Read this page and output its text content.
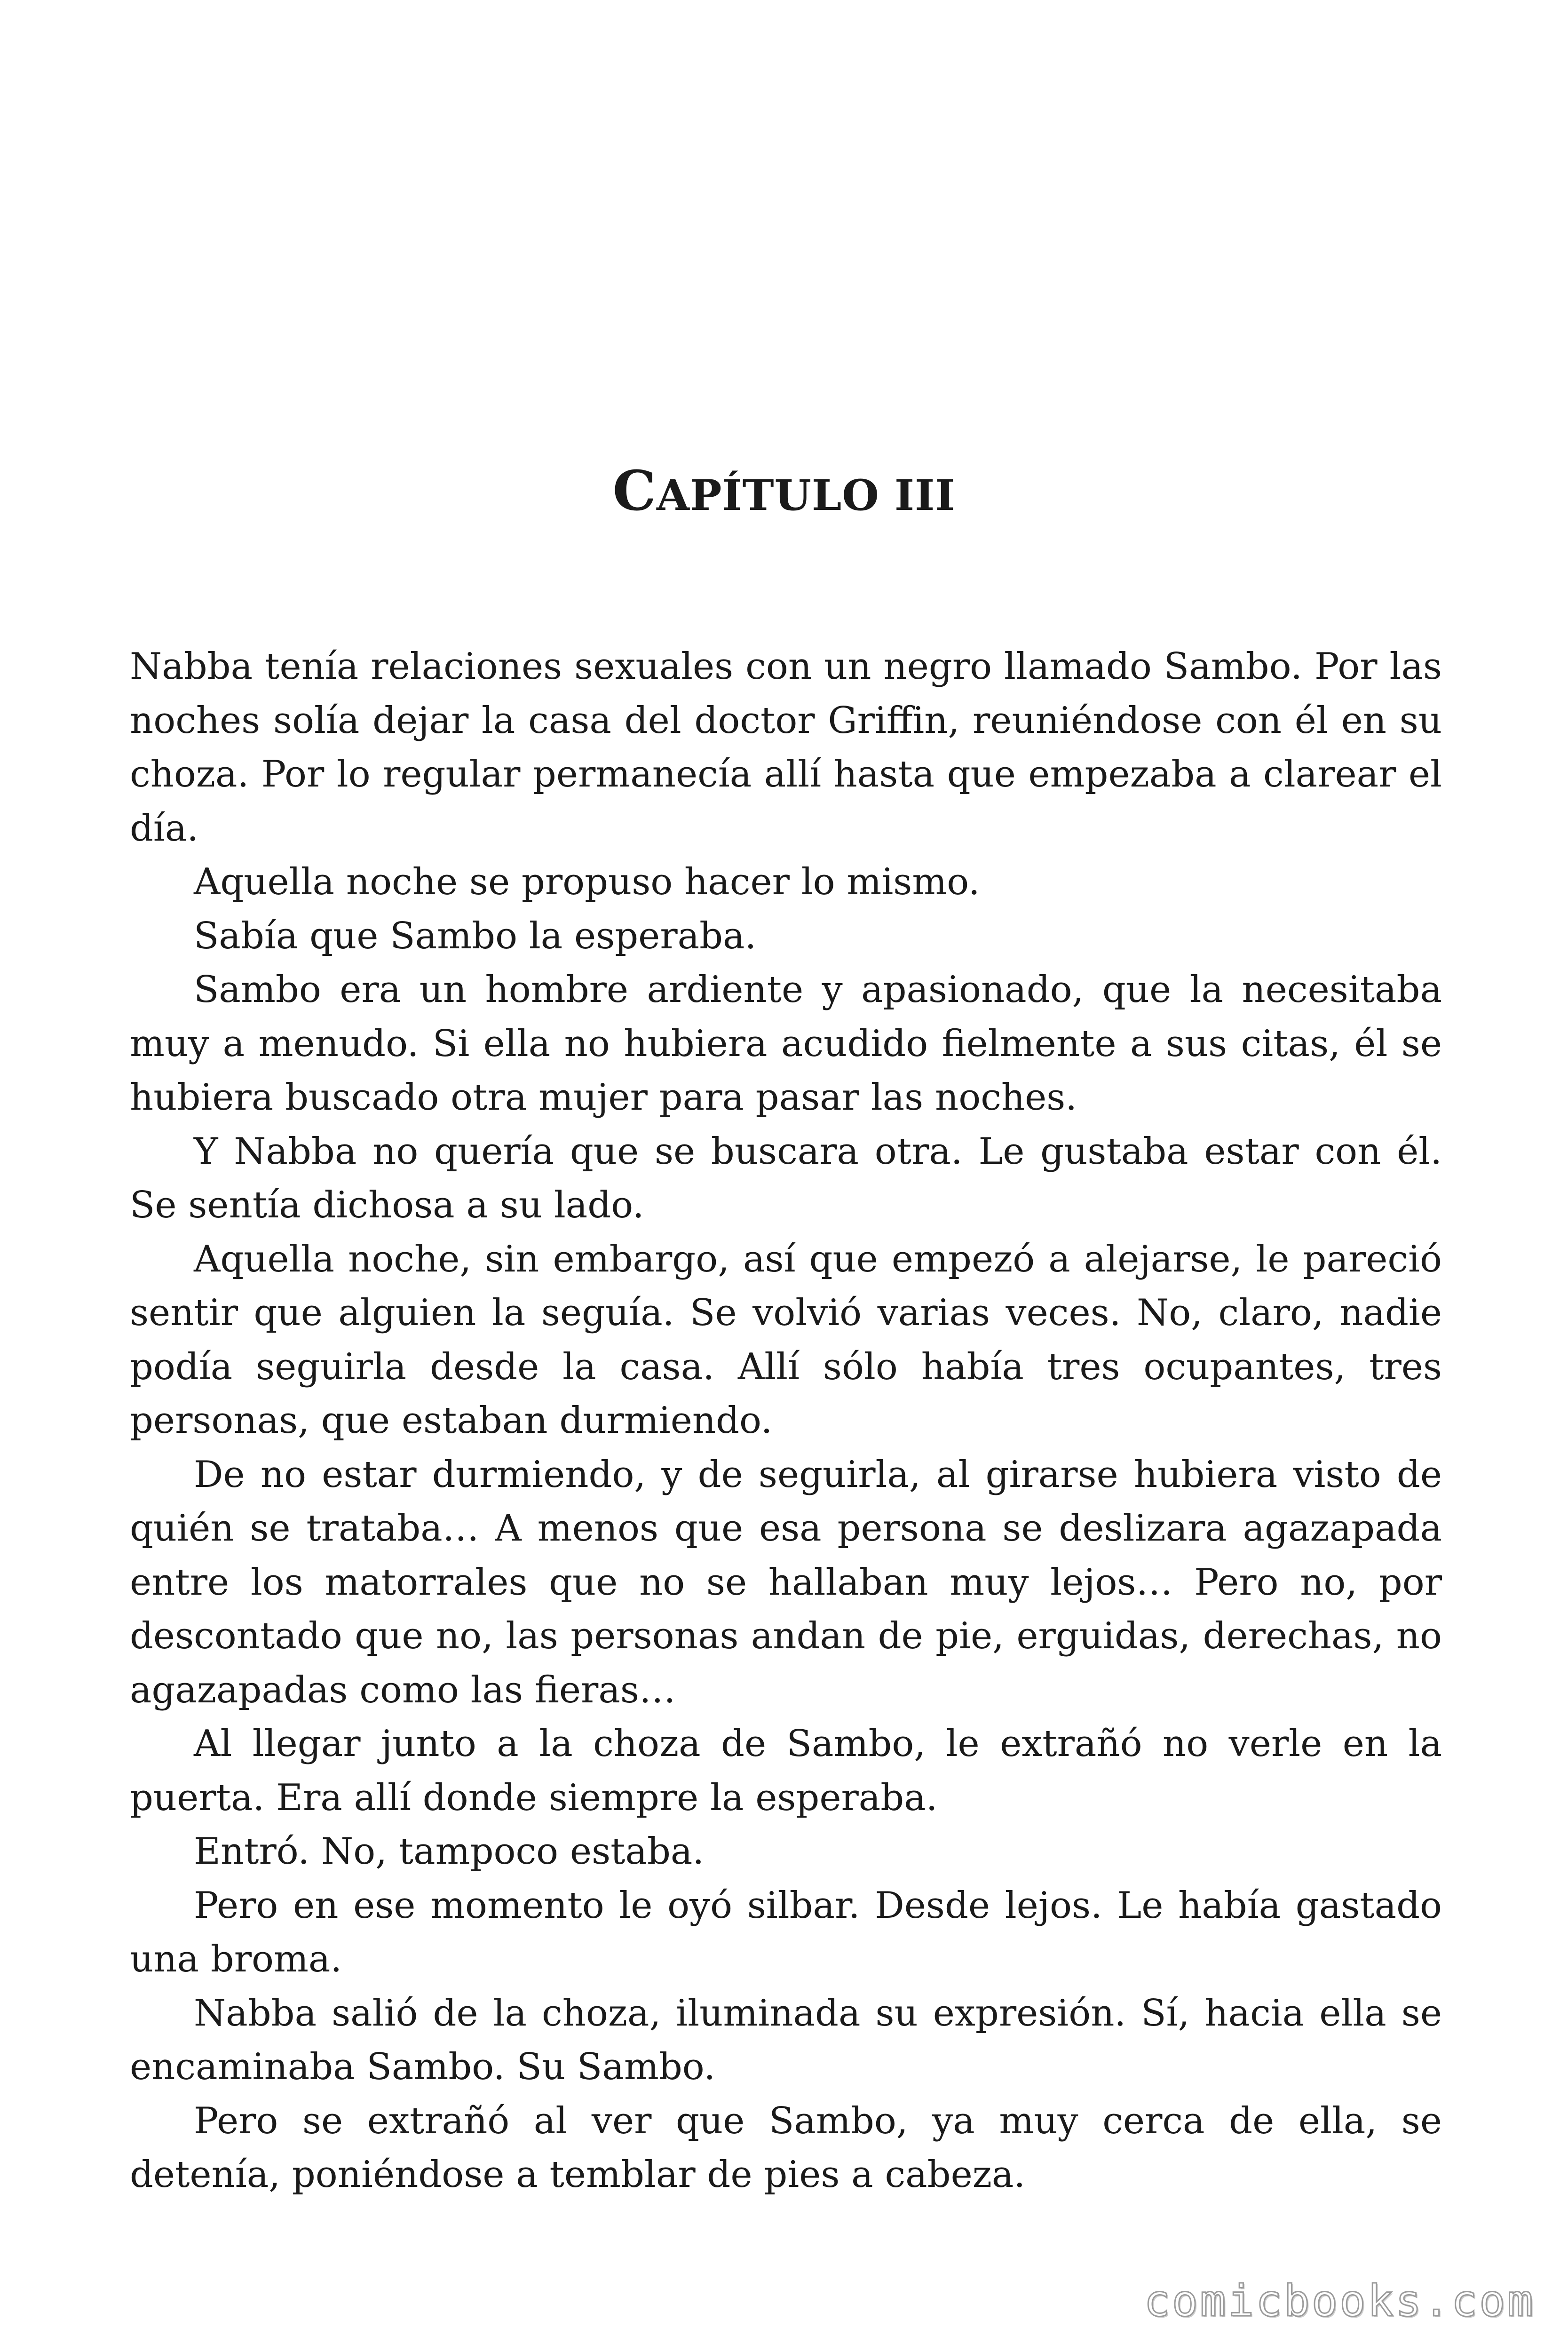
CAPÍTULO III

Nabba tenía relaciones sexuales con un negro llamado Sambo. Por las noches solía dejar la casa del doctor Griffin, reuniéndose con él en su choza. Por lo regular permanecía allí hasta que empezaba a clarear el día.

Aquella noche se propuso hacer lo mismo.

Sabía que Sambo la esperaba.

Sambo era un hombre ardiente y apasionado, que la necesitaba muy a menudo. Si ella no hubiera acudido fielmente a sus citas, él se hubiera buscado otra mujer para pasar las noches.

Y Nabba no quería que se buscara otra. Le gustaba estar con él. Se sentía dichosa a su lado.

Aquella noche, sin embargo, así que empezó a alejarse, le pareció sentir que alguien la seguía. Se volvió varias veces. No, claro, nadie podía seguirla desde la casa. Allí sólo había tres ocupantes, tres personas, que estaban durmiendo.

De no estar durmiendo, y de seguirla, al girarse hubiera visto de quién se trataba… A menos que esa persona se deslizara agazapada entre los matorrales que no se hallaban muy lejos… Pero no, por descontado que no, las personas andan de pie, erguidas, derechas, no agazapadas como las fieras…

Al llegar junto a la choza de Sambo, le extrañó no verle en la puerta. Era allí donde siempre la esperaba.

Entró. No, tampoco estaba.

Pero en ese momento le oyó silbar. Desde lejos. Le había gastado una broma.

Nabba salió de la choza, iluminada su expresión. Sí, hacia ella se encaminaba Sambo. Su Sambo.

Pero se extrañó al ver que Sambo, ya muy cerca de ella, se detenía, poniéndose a temblar de pies a cabeza.

comicbooks.com
